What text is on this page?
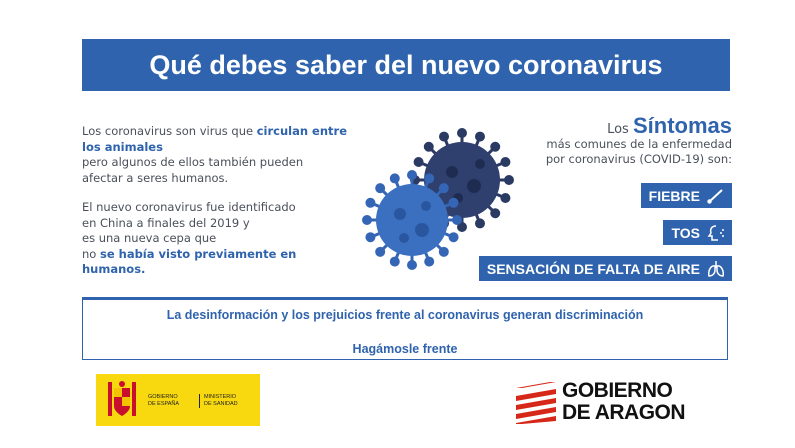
Qué debes saber del nuevo coronavirus

Los coronavirus son virus que circulan entre los animales
pero algunos de ellos también pueden
afectar a seres humanos.

El nuevo coronavirus fue identificado
en China a finales del 2019 y
es una nueva cepa que
no se había visto previamente en humanos.

Los Síntomas
más comunes de la enfermedad
por coronavirus (COVID-19) son:
FIEBRE
TOS
SENSACIÓN DE FALTA DE AIRE
La desinformación y los prejuicios frente al coronavirus generan discriminación
Hagámosle frente
GOBIERNO
DE ESPAÑA
MINISTERIO
DE SANIDAD
GOBIERNO
DE ARAGON
